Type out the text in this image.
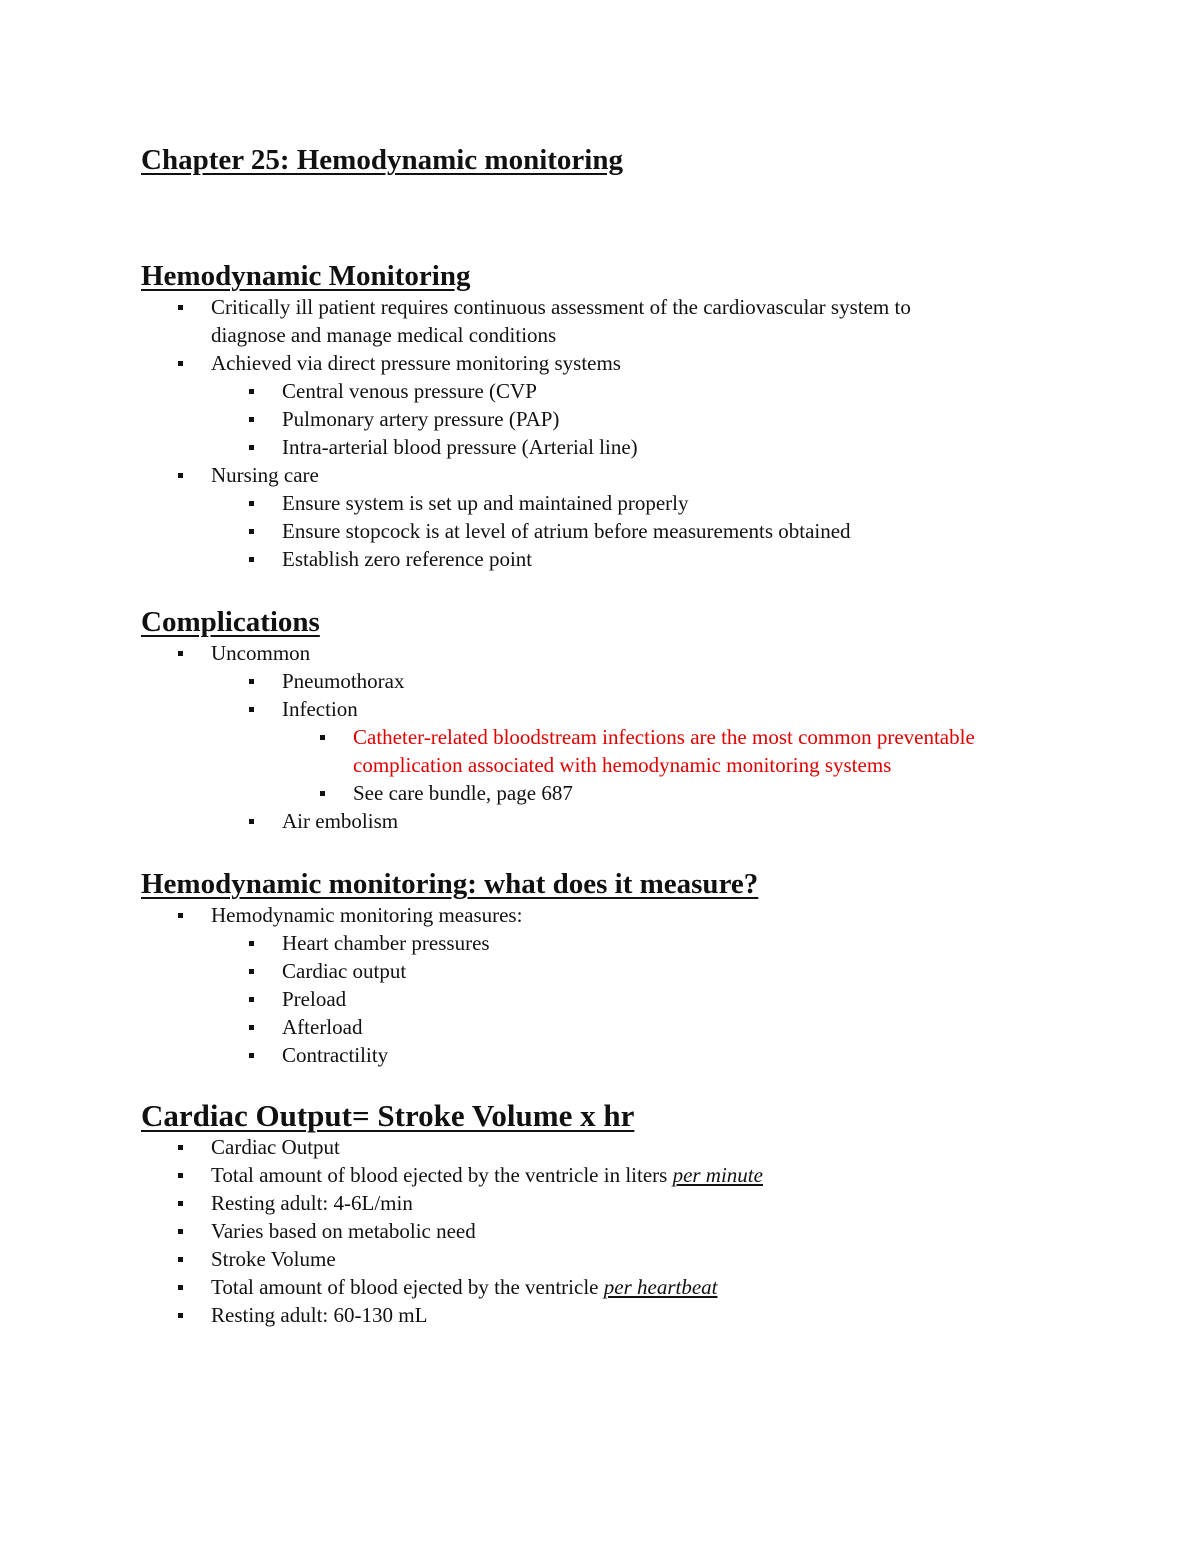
Chapter 25: Hemodynamic monitoring
Hemodynamic Monitoring
Critically ill patient requires continuous assessment of the cardiovascular system to
diagnose and manage medical conditions
Achieved via direct pressure monitoring systems
Central venous pressure (CVP
Pulmonary artery pressure (PAP)
Intra-arterial blood pressure (Arterial line)
Nursing care
Ensure system is set up and maintained properly
Ensure stopcock is at level of atrium before measurements obtained
Establish zero reference point
Complications
Uncommon
Pneumothorax
Infection
Catheter-related bloodstream infections are the most common preventable
complication associated with hemodynamic monitoring systems
See care bundle, page 687
Air embolism
Hemodynamic monitoring: what does it measure?
Hemodynamic monitoring measures:
Heart chamber pressures
Cardiac output
Preload
Afterload
Contractility
Cardiac Output= Stroke Volume x hr
Cardiac Output
Total amount of blood ejected by the ventricle in liters per minute
Resting adult: 4-6L/min
Varies based on metabolic need
Stroke Volume
Total amount of blood ejected by the ventricle per heartbeat
Resting adult: 60-130 mL
